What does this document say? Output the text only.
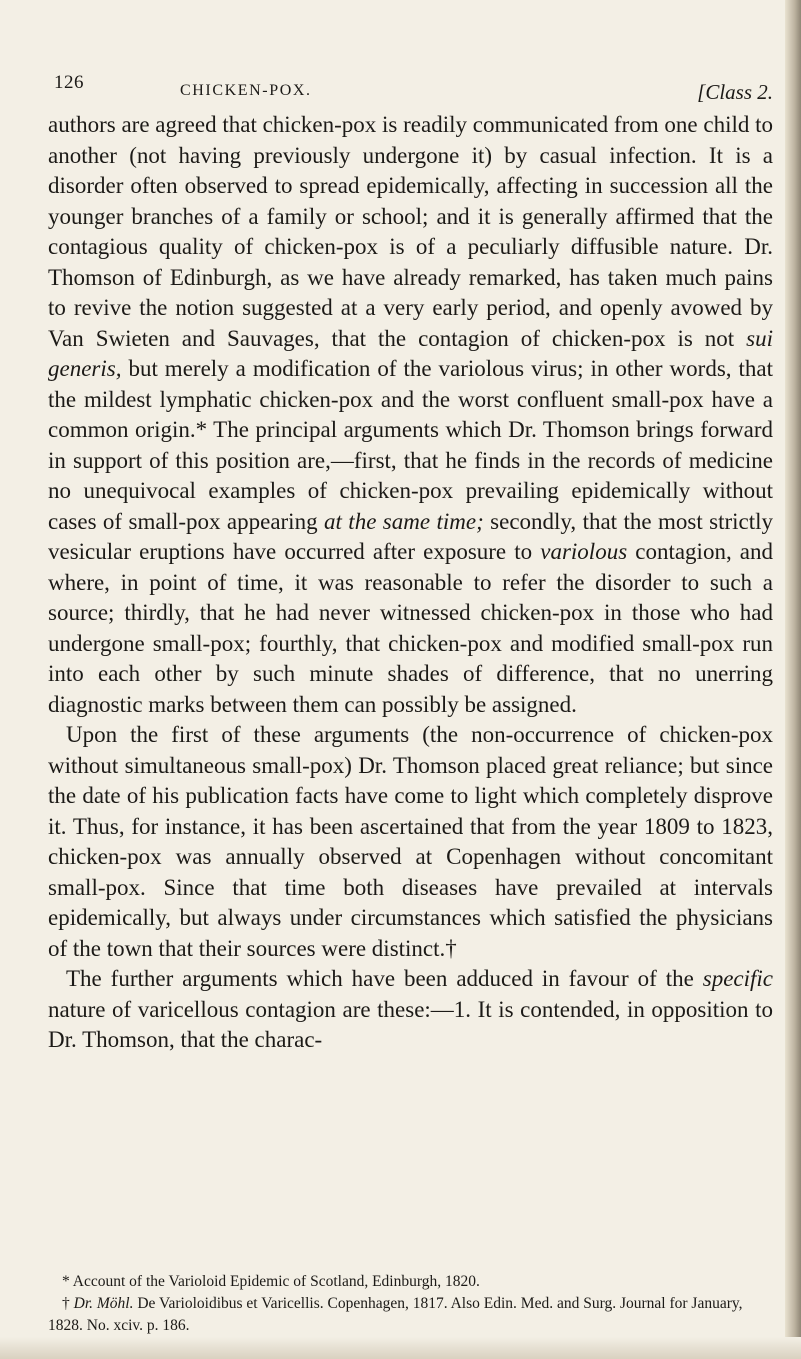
126	CHICKEN-POX.	[Class 2.

authors are agreed that chicken-pox is readily communicated from one child to another (not having previously undergone it) by casual infection. It is a disorder often observed to spread epidemically, affecting in succession all the younger branches of a family or school; and it is generally affirmed that the contagious quality of chicken-pox is of a peculiarly diffusible nature. Dr. Thomson of Edinburgh, as we have already remarked, has taken much pains to revive the notion suggested at a very early period, and openly avowed by Van Swieten and Sauvages, that the contagion of chicken-pox is not sui generis, but merely a modification of the variolous virus; in other words, that the mildest lymphatic chicken-pox and the worst confluent small-pox have a common origin.* The principal arguments which Dr. Thomson brings forward in support of this position are,—first, that he finds in the records of medicine no unequivocal examples of chicken-pox prevailing epidemically without cases of small-pox appearing at the same time; secondly, that the most strictly vesicular eruptions have occurred after exposure to variolous contagion, and where, in point of time, it was reasonable to refer the disorder to such a source; thirdly, that he had never witnessed chicken-pox in those who had undergone small-pox; fourthly, that chicken-pox and modified small-pox run into each other by such minute shades of difference, that no unerring diagnostic marks between them can possibly be assigned.

Upon the first of these arguments (the non-occurrence of chicken-pox without simultaneous small-pox) Dr. Thomson placed great reliance; but since the date of his publication facts have come to light which completely disprove it. Thus, for instance, it has been ascertained that from the year 1809 to 1823, chicken-pox was annually observed at Copenhagen without concomitant small-pox. Since that time both diseases have prevailed at intervals epidemically, but always under circumstances which satisfied the physicians of the town that their sources were distinct.†

The further arguments which have been adduced in favour of the specific nature of varicellous contagion are these:—1. It is contended, in opposition to Dr. Thomson, that the charac-

* Account of the Varioloid Epidemic of Scotland, Edinburgh, 1820.

† Dr. Möhl. De Varioloidibus et Varicellis. Copenhagen, 1817. Also Edin. Med. and Surg. Journal for January, 1828. No. xciv. p. 186.
